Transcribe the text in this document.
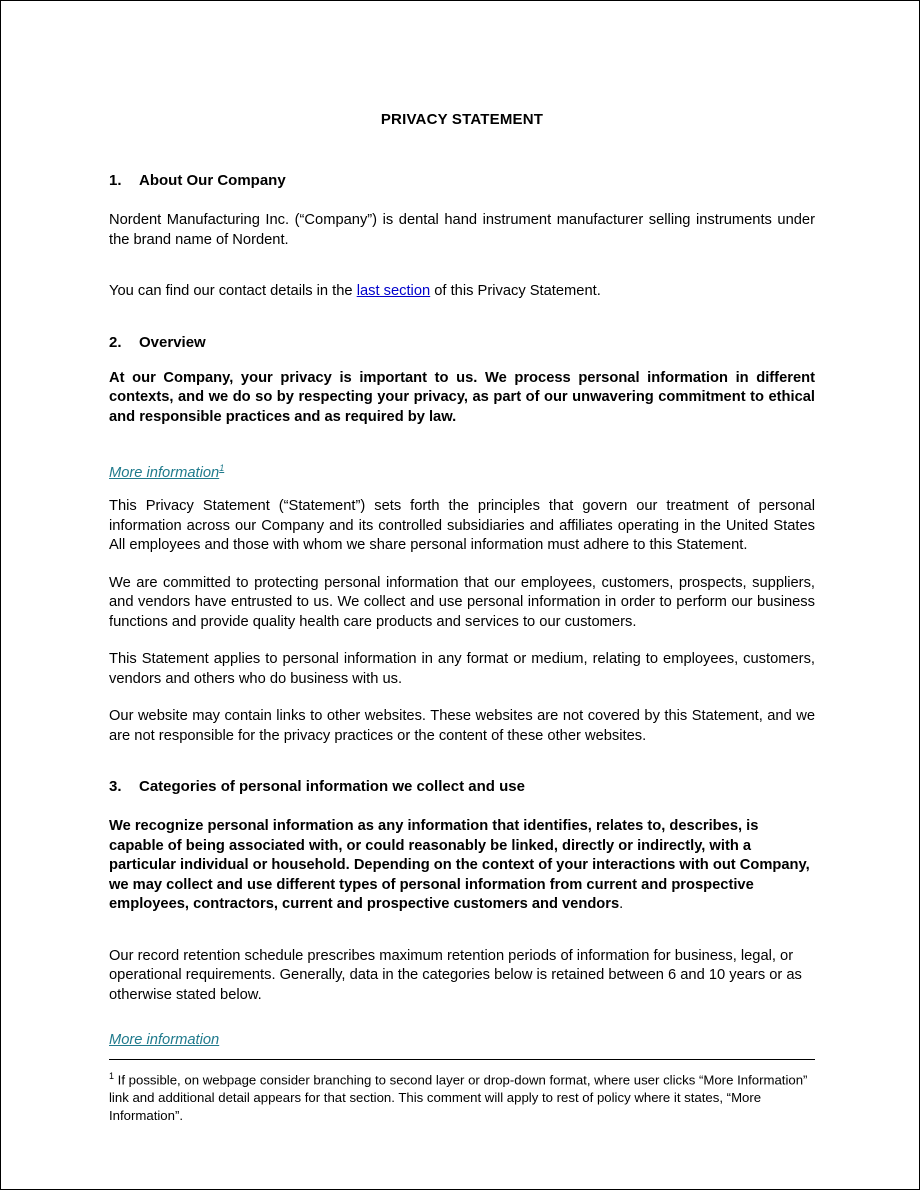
PRIVACY STATEMENT
1.	About Our Company
Nordent Manufacturing Inc. (“Company”) is dental hand instrument manufacturer selling instruments under the brand name of Nordent.
You can find our contact details in the last section of this Privacy Statement.
2.	Overview
At our Company, your privacy is important to us. We process personal information in different contexts, and we do so by respecting your privacy, as part of our unwavering commitment to ethical and responsible practices and as required by law.
More information$^1$
This Privacy Statement (“Statement”) sets forth the principles that govern our treatment of personal information across our Company and its controlled subsidiaries and affiliates operating in the United States All employees and those with whom we share personal information must adhere to this Statement.
We are committed to protecting personal information that our employees, customers, prospects, suppliers, and vendors have entrusted to us. We collect and use personal information in order to perform our business functions and provide quality health care products and services to our customers.
This Statement applies to personal information in any format or medium, relating to employees, customers, vendors and others who do business with us.
Our website may contain links to other websites. These websites are not covered by this Statement, and we are not responsible for the privacy practices or the content of these other websites.
3.	Categories of personal information we collect and use
We recognize personal information as any information that identifies, relates to, describes, is capable of being associated with, or could reasonably be linked, directly or indirectly, with a particular individual or household. Depending on the context of your interactions with out Company, we may collect and use different types of personal information from current and prospective employees, contractors, current and prospective customers and vendors.
Our record retention schedule prescribes maximum retention periods of information for business, legal, or operational requirements. Generally, data in the categories below is retained between 6 and 10 years or as otherwise stated below.
More information
$^1$ If possible, on webpage consider branching to second layer or drop-down format, where user clicks “More Information” link and additional detail appears for that section. This comment will apply to rest of policy where it states, “More Information”.
